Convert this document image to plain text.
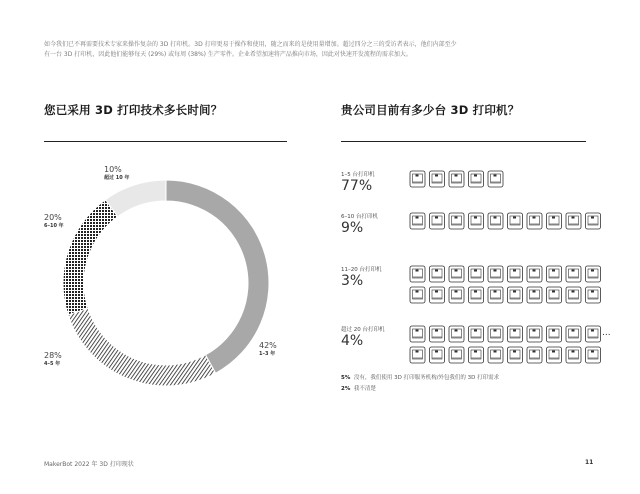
如今我们已不再需要技术专家来操作复杂的 3D 打印机。3D 打印更易于操作和使用，随之而来的是使用量增加。超过四分之三的受访者表示，他们内部至少
有一台 3D 打印机，因此他们能够每天 (29%) 或每周 (38%) 生产零件。企业希望加速将产品推向市场，因此对快速开发流程的需求加大。
您已采用 3D 打印技术多长时间？
10%
超过 10 年
20%
6–10 年
28%
4–5 年
42%
1–3 年
贵公司目前有多少台 3D 打印机？
1–5 台打印机
77%
6–10 台打印机
9%
11–20 台打印机
3%
超过 20 台打印机
4%	...
5% 没有，我们使用 3D 打印服务机构/外包我们的 3D 打印需求
2% 我不清楚
MakerBot 2022 年 3D 打印现状	11
